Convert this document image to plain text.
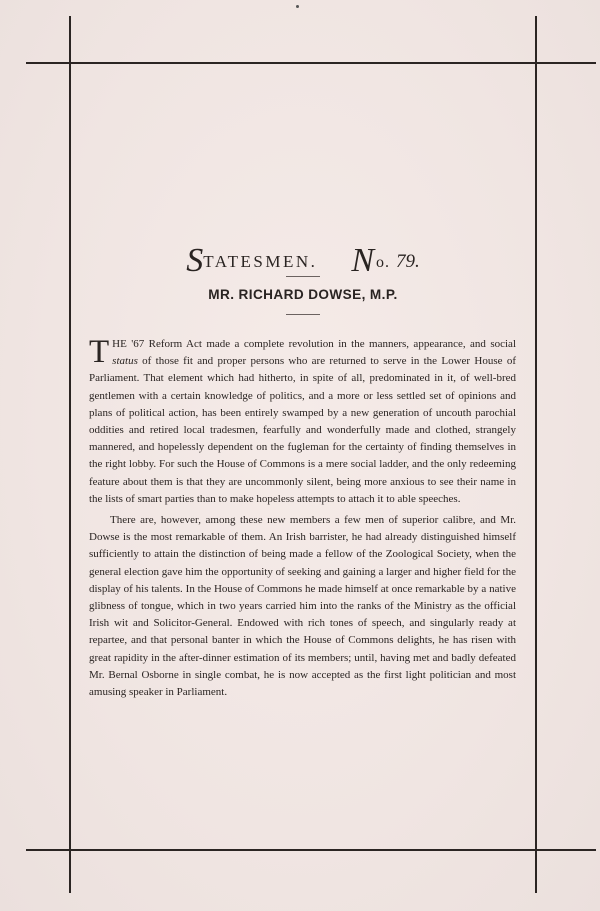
STATESMEN. N o. 79.
MR. RICHARD DOWSE, M.P.

THE '67 Reform Act made a complete revolution in the manners, appearance, and social status of those fit and proper persons who are returned to serve in the Lower House of Parliament. That element which had hitherto, in spite of all, predominated in it, of well-bred gentlemen with a certain knowledge of politics, and a more or less settled set of opinions and plans of political action, has been entirely swamped by a new generation of uncouth parochial oddities and retired local tradesmen, fearfully and wonderfully made and clothed, strangely mannered, and hopelessly dependent on the fugleman for the certainty of finding themselves in the right lobby. For such the House of Commons is a mere social ladder, and the only redeeming feature about them is that they are uncommonly silent, being more anxious to see their name in the lists of smart parties than to make hopeless attempts to attach it to able speeches.

There are, however, among these new members a few men of superior calibre, and Mr. Dowse is the most remarkable of them. An Irish barrister, he had already distinguished himself sufficiently to attain the distinction of being made a fellow of the Zoological Society, when the general election gave him the opportunity of seeking and gaining a larger and higher field for the display of his talents. In the House of Commons he made himself at once remarkable by a native glibness of tongue, which in two years carried him into the ranks of the Ministry as the official Irish wit and Solicitor-General. Endowed with rich tones of speech, and singularly ready at repartee, and that personal banter in which the House of Commons delights, he has risen with great rapidity in the after-dinner estimation of its members; until, having met and badly defeated Mr. Bernal Osborne in single combat, he is now accepted as the first light politician and most amusing speaker in Parliament.
